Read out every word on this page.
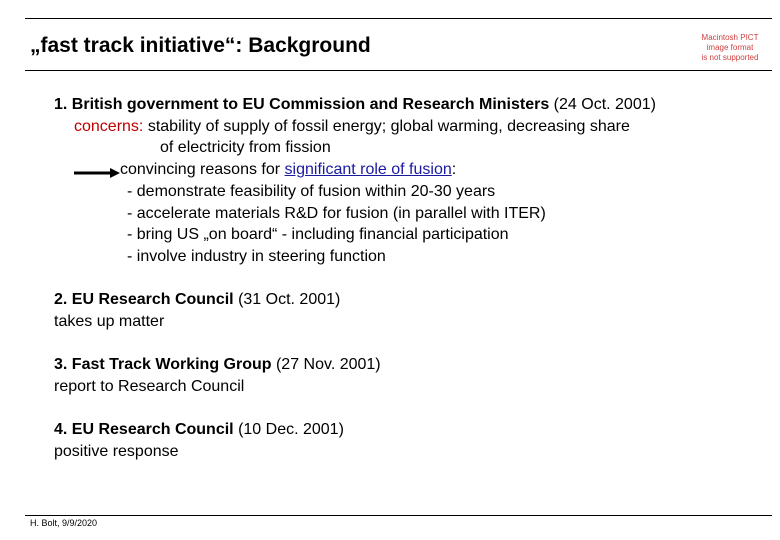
„fast track initiative“: Background	Macintosh PICT
image format
is not supported
1. British government to EU Commission and Research Ministers (24 Oct. 2001)
concerns: stability of supply of fossil energy; global warming, decreasing share
of electricity from fission
convincing reasons for significant role of fusion:
- demonstrate feasibility of fusion within 20-30 years
- accelerate materials R&D for fusion (in parallel with ITER)
- bring US „on board“ - including financial participation
- involve industry in steering function
2. EU Research Council (31 Oct. 2001)
takes up matter
3. Fast Track Working Group (27 Nov. 2001)
report to Research Council
4. EU Research Council (10 Dec. 2001)
positive response
H. Bolt, 9/9/2020
